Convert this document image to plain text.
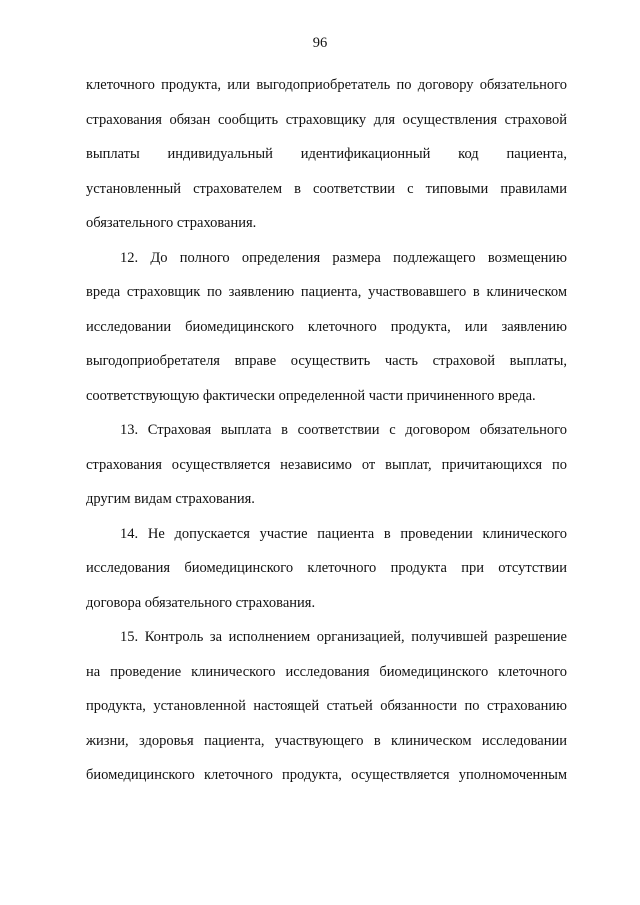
96
клеточного продукта, или выгодоприобретатель по договору обязательного
страхования обязан сообщить страховщику для осуществления страховой
выплаты индивидуальный идентификационный код пациента,
установленный страхователем в соответствии с типовыми правилами
обязательного страхования.
12. До полного определения размера подлежащего возмещению
вреда страховщик по заявлению пациента, участвовавшего в клиническом
исследовании биомедицинского клеточного продукта, или заявлению
выгодоприобретателя вправе осуществить часть страховой выплаты,
соответствующую фактически определенной части причиненного вреда.
13. Страховая выплата в соответствии с договором обязательного
страхования осуществляется независимо от выплат, причитающихся по
другим видам страхования.
14. Не допускается участие пациента в проведении клинического
исследования биомедицинского клеточного продукта при отсутствии
договора обязательного страхования.
15. Контроль за исполнением организацией, получившей разрешение
на проведение клинического исследования биомедицинского клеточного
продукта, установленной настоящей статьей обязанности по страхованию
жизни, здоровья пациента, участвующего в клиническом исследовании
биомедицинского клеточного продукта, осуществляется уполномоченным
